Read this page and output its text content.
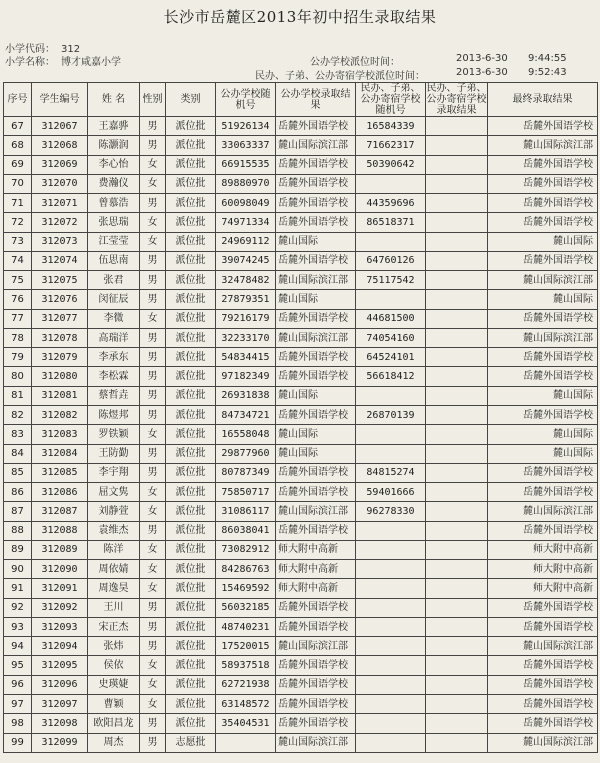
长沙市岳麓区2013年初中招生录取结果
小学代码： 312
小学名称： 博才咸嘉小学	公办学校派位时间：	2013-6-30 9:44:55
民办、子弟、公办寄宿学校派位时间：	2013-6-30 9:52:43
序号	学生编号	姓 名	性别	类别	公办学校随机号	公办学校录取结果	民办、子弟、公办寄宿学校随机号	民办、子弟、公办寄宿学校录取结果	最终录取结果
67	312067	王嘉骅	男	派位批	51926134	岳麓外国语学校	16584339		岳麓外国语学校
68	312068	陈灏润	男	派位批	33063337	麓山国际滨江部	71662317		麓山国际滨江部
69	312069	李心怡	女	派位批	66915535	岳麓外国语学校	50390642		岳麓外国语学校
70	312070	费瀚仪	女	派位批	89880970	岳麓外国语学校			岳麓外国语学校
71	312071	曾慕浩	男	派位批	60098049	岳麓外国语学校	44359696		岳麓外国语学校
72	312072	张思瑞	女	派位批	74971334	岳麓外国语学校	86518371		岳麓外国语学校
73	312073	江莹莹	女	派位批	24969112	麓山国际			麓山国际
74	312074	伍思南	男	派位批	39074245	岳麓外国语学校	64760126		岳麓外国语学校
75	312075	张君	男	派位批	32478482	麓山国际滨江部	75117542		麓山国际滨江部
76	312076	闵征辰	男	派位批	27879351	麓山国际			麓山国际
77	312077	李微	女	派位批	79216179	岳麓外国语学校	44681500		岳麓外国语学校
78	312078	高瑞洋	男	派位批	32233170	麓山国际滨江部	74054160		麓山国际滨江部
79	312079	李承东	男	派位批	54834415	岳麓外国语学校	64524101		岳麓外国语学校
80	312080	李松霖	男	派位批	97182349	岳麓外国语学校	56618412		岳麓外国语学校
81	312081	蔡哲垚	男	派位批	26931838	麓山国际			麓山国际
82	312082	陈煜邦	男	派位批	84734721	岳麓外国语学校	26870139		岳麓外国语学校
83	312083	罗铁颖	女	派位批	16558048	麓山国际			麓山国际
84	312084	王防勤	男	派位批	29877960	麓山国际			麓山国际
85	312085	李宇翔	男	派位批	80787349	岳麓外国语学校	84815274		岳麓外国语学校
86	312086	屈文隽	女	派位批	75850717	岳麓外国语学校	59401666		岳麓外国语学校
87	312087	刘静萱	女	派位批	31086117	麓山国际滨江部	96278330		麓山国际滨江部
88	312088	袁维杰	男	派位批	86038041	岳麓外国语学校			岳麓外国语学校
89	312089	陈洋	女	派位批	73082912	师大附中高新			师大附中高新
90	312090	周依婧	女	派位批	84286763	师大附中高新			师大附中高新
91	312091	周逸昊	女	派位批	15469592	师大附中高新			师大附中高新
92	312092	王川	男	派位批	56032185	岳麓外国语学校			岳麓外国语学校
93	312093	宋正杰	男	派位批	48740231	岳麓外国语学校			岳麓外国语学校
94	312094	张炜	男	派位批	17520015	麓山国际滨江部			麓山国际滨江部
95	312095	侯依	女	派位批	58937518	岳麓外国语学校			岳麓外国语学校
96	312096	史瑛婕	女	派位批	62721938	岳麓外国语学校			岳麓外国语学校
97	312097	曹颖	女	派位批	63148572	岳麓外国语学校			岳麓外国语学校
98	312098	欧阳昌龙	男	派位批	35404531	岳麓外国语学校			岳麓外国语学校
99	312099	周杰	男	志愿批		麓山国际滨江部			麓山国际滨江部
